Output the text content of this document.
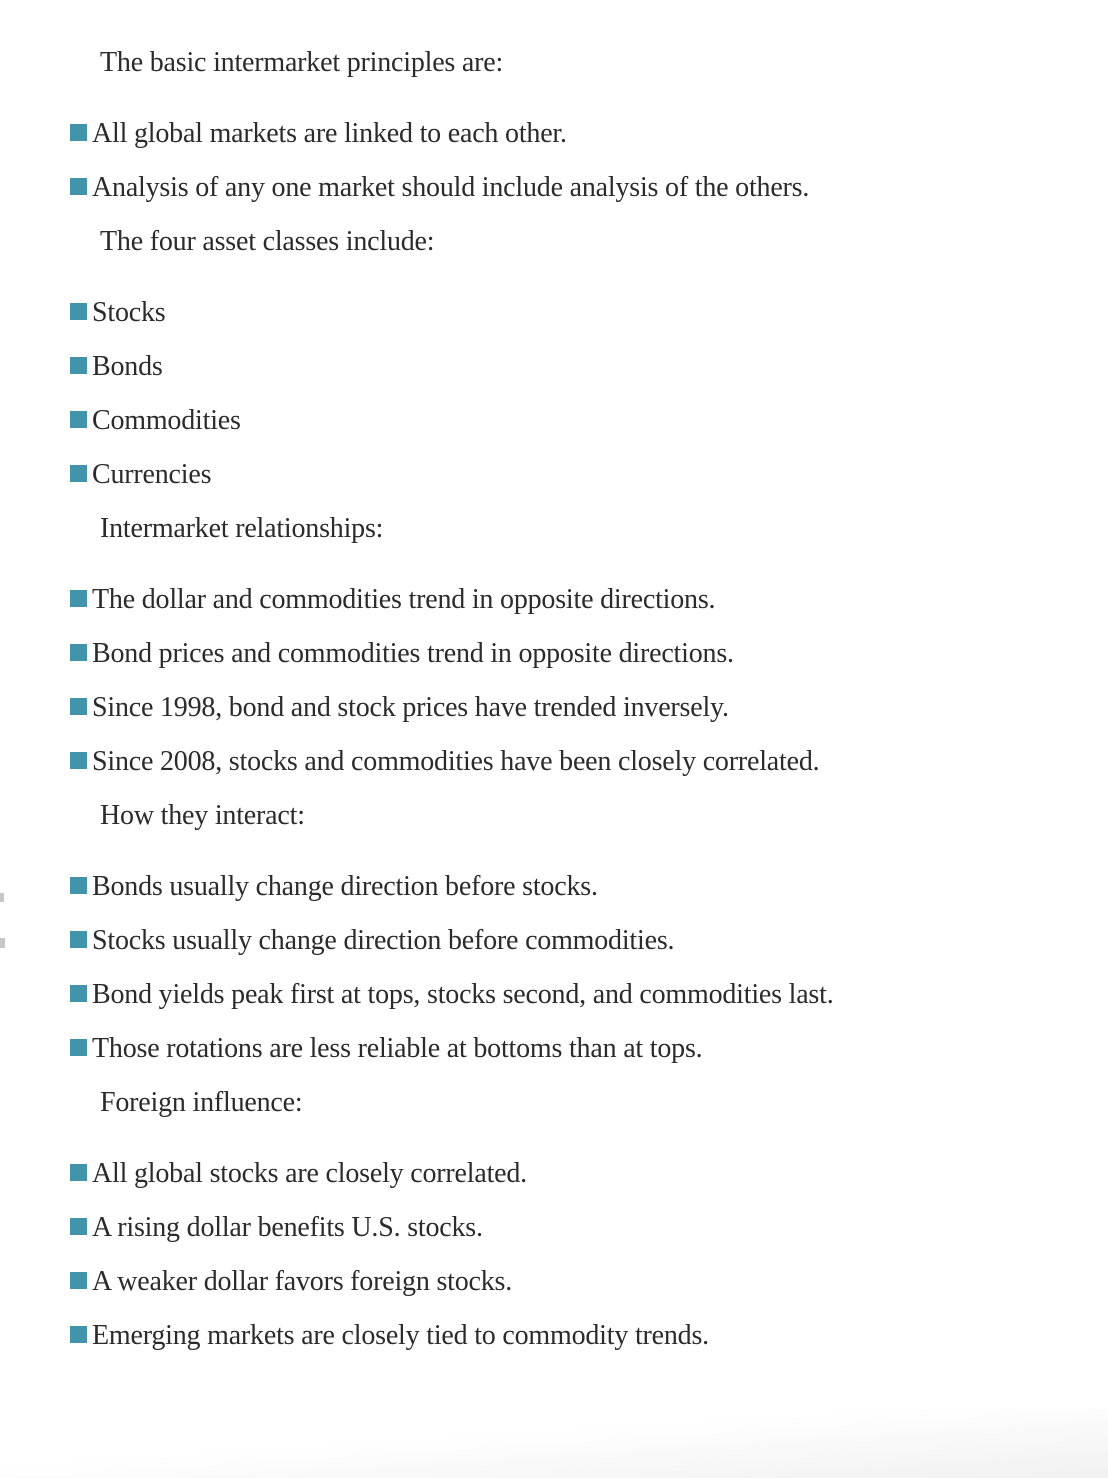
The basic intermarket principles are:

All global markets are linked to each other.

Analysis of any one market should include analysis of the others.

The four asset classes include:

Stocks

Bonds

Commodities

Currencies

Intermarket relationships:

The dollar and commodities trend in opposite directions.

Bond prices and commodities trend in opposite directions.

Since 1998, bond and stock prices have trended inversely.

Since 2008, stocks and commodities have been closely correlated.

How they interact:

Bonds usually change direction before stocks.

Stocks usually change direction before commodities.

Bond yields peak first at tops, stocks second, and commodities last.

Those rotations are less reliable at bottoms than at tops.

Foreign influence:

All global stocks are closely correlated.

A rising dollar benefits U.S. stocks.

A weaker dollar favors foreign stocks.

Emerging markets are closely tied to commodity trends.
